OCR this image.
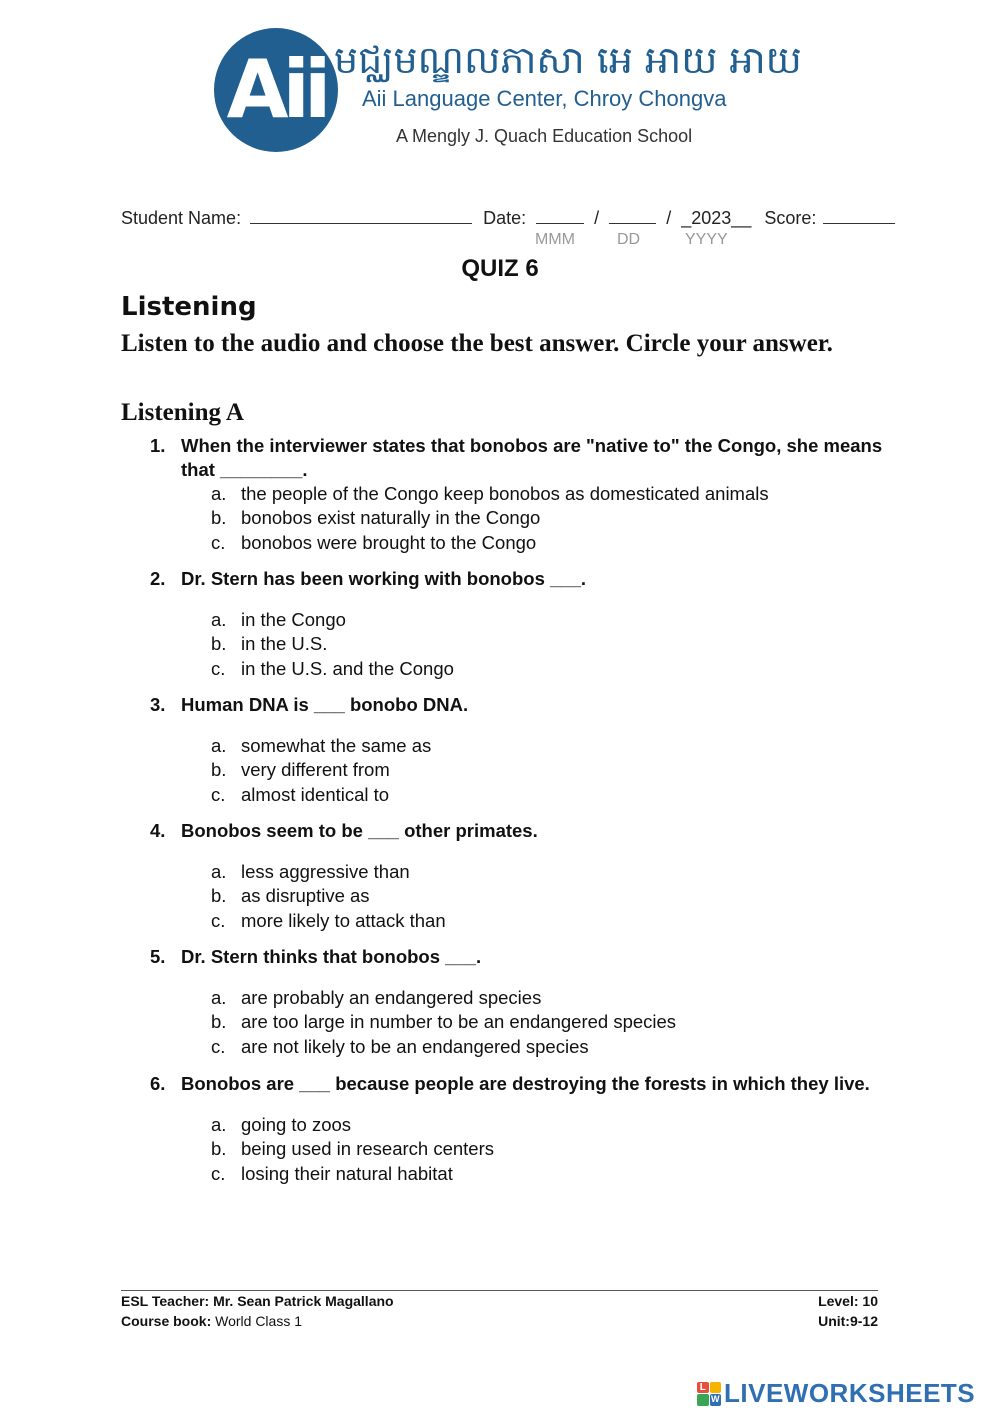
Aii មជ្ឈមណ្ឌលភាសា អេ អាយ អាយ
Aii Language Center, Chroy Chongva
A Mengly J. Quach Education School
Student Name:	Date:	/	/ _2023__ Score:
MMM	DD	YYYY
QUIZ 6
Listening
Listen to the audio and choose the best answer. Circle your answer.
Listening A
1. When the interviewer states that bonobos are "native to" the Congo, she means that ________.
a. the people of the Congo keep bonobos as domesticated animals
b. bonobos exist naturally in the Congo
c. bonobos were brought to the Congo
2. Dr. Stern has been working with bonobos ___.
a. in the Congo
b. in the U.S.
c. in the U.S. and the Congo
3. Human DNA is ___ bonobo DNA.
a. somewhat the same as
b. very different from
c. almost identical to
4. Bonobos seem to be ___ other primates.
a. less aggressive than
b. as disruptive as
c. more likely to attack than
5. Dr. Stern thinks that bonobos ___.
a. are probably an endangered species
b. are too large in number to be an endangered species
c. are not likely to be an endangered species
6. Bonobos are ___ because people are destroying the forests in which they live.
a. going to zoos
b. being used in research centers
c. losing their natural habitat
ESL Teacher: Mr. Sean Patrick Magallano	Level: 10
Course book: World Class 1	Unit:9-12
L
W LIVEWORKSHEETS
